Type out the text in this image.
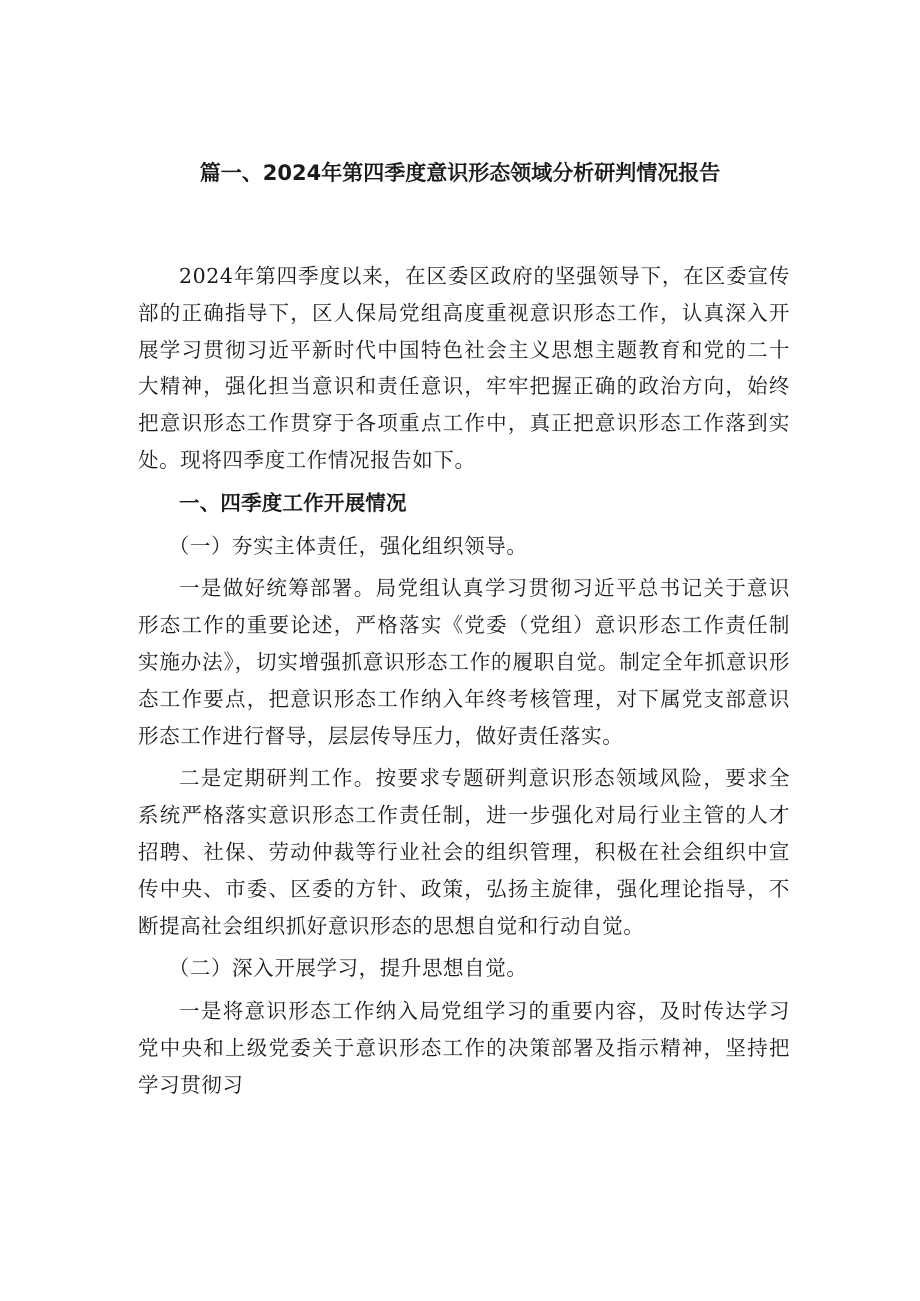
篇一、2024年第四季度意识形态领域分析研判情况报告

2024年第四季度以来，在区委区政府的坚强领导下，在区委宣传部的正确指导下，区人保局党组高度重视意识形态工作，认真深入开展学习贯彻习近平新时代中国特色社会主义思想主题教育和党的二十大精神，强化担当意识和责任意识，牢牢把握正确的政治方向，始终把意识形态工作贯穿于各项重点工作中，真正把意识形态工作落到实处。现将四季度工作情况报告如下。

一、四季度工作开展情况

（一）夯实主体责任，强化组织领导。

一是做好统筹部署。局党组认真学习贯彻习近平总书记关于意识形态工作的重要论述，严格落实《党委（党组）意识形态工作责任制实施办法》，切实增强抓意识形态工作的履职自觉。制定全年抓意识形态工作要点，把意识形态工作纳入年终考核管理，对下属党支部意识形态工作进行督导，层层传导压力，做好责任落实。

二是定期研判工作。按要求专题研判意识形态领域风险，要求全系统严格落实意识形态工作责任制，进一步强化对局行业主管的人才招聘、社保、劳动仲裁等行业社会的组织管理，积极在社会组织中宣传中央、市委、区委的方针、政策，弘扬主旋律，强化理论指导，不断提高社会组织抓好意识形态的思想自觉和行动自觉。

（二）深入开展学习，提升思想自觉。

一是将意识形态工作纳入局党组学习的重要内容，及时传达学习党中央和上级党委关于意识形态工作的决策部署及指示精神，坚持把学习贯彻习
